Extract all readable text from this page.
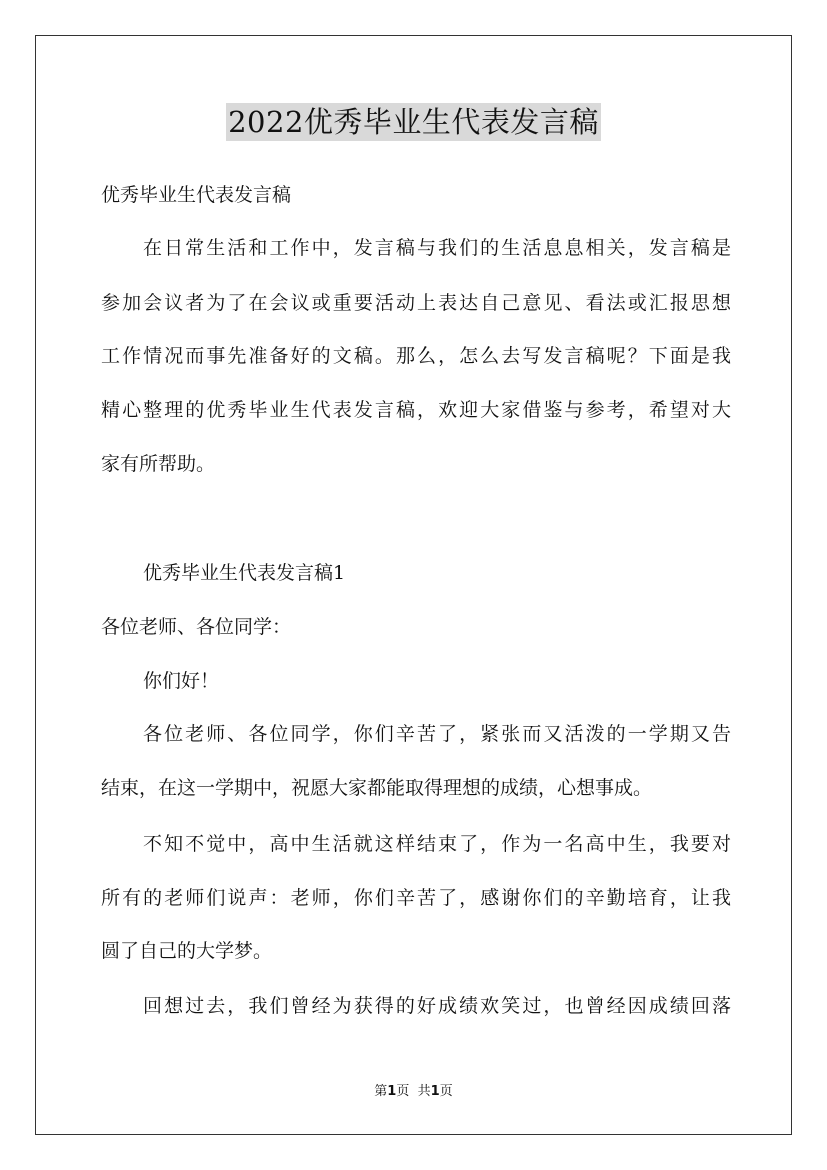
2022优秀毕业生代表发言稿
优秀毕业生代表发言稿
在日常生活和工作中，发言稿与我们的生活息息相关，发言稿是
参加会议者为了在会议或重要活动上表达自己意见、看法或汇报思想
工作情况而事先准备好的文稿。那么，怎么去写发言稿呢？下面是我
精心整理的优秀毕业生代表发言稿，欢迎大家借鉴与参考，希望对大
家有所帮助。
优秀毕业生代表发言稿1
各位老师、各位同学：
你们好！
各位老师、各位同学，你们辛苦了，紧张而又活泼的一学期又告
结束，在这一学期中，祝愿大家都能取得理想的成绩，心想事成。
不知不觉中，高中生活就这样结束了，作为一名高中生，我要对
所有的老师们说声：老师，你们辛苦了，感谢你们的辛勤培育，让我
圆了自己的大学梦。
回想过去，我们曾经为获得的好成绩欢笑过，也曾经因成绩回落
第1页 共1页
